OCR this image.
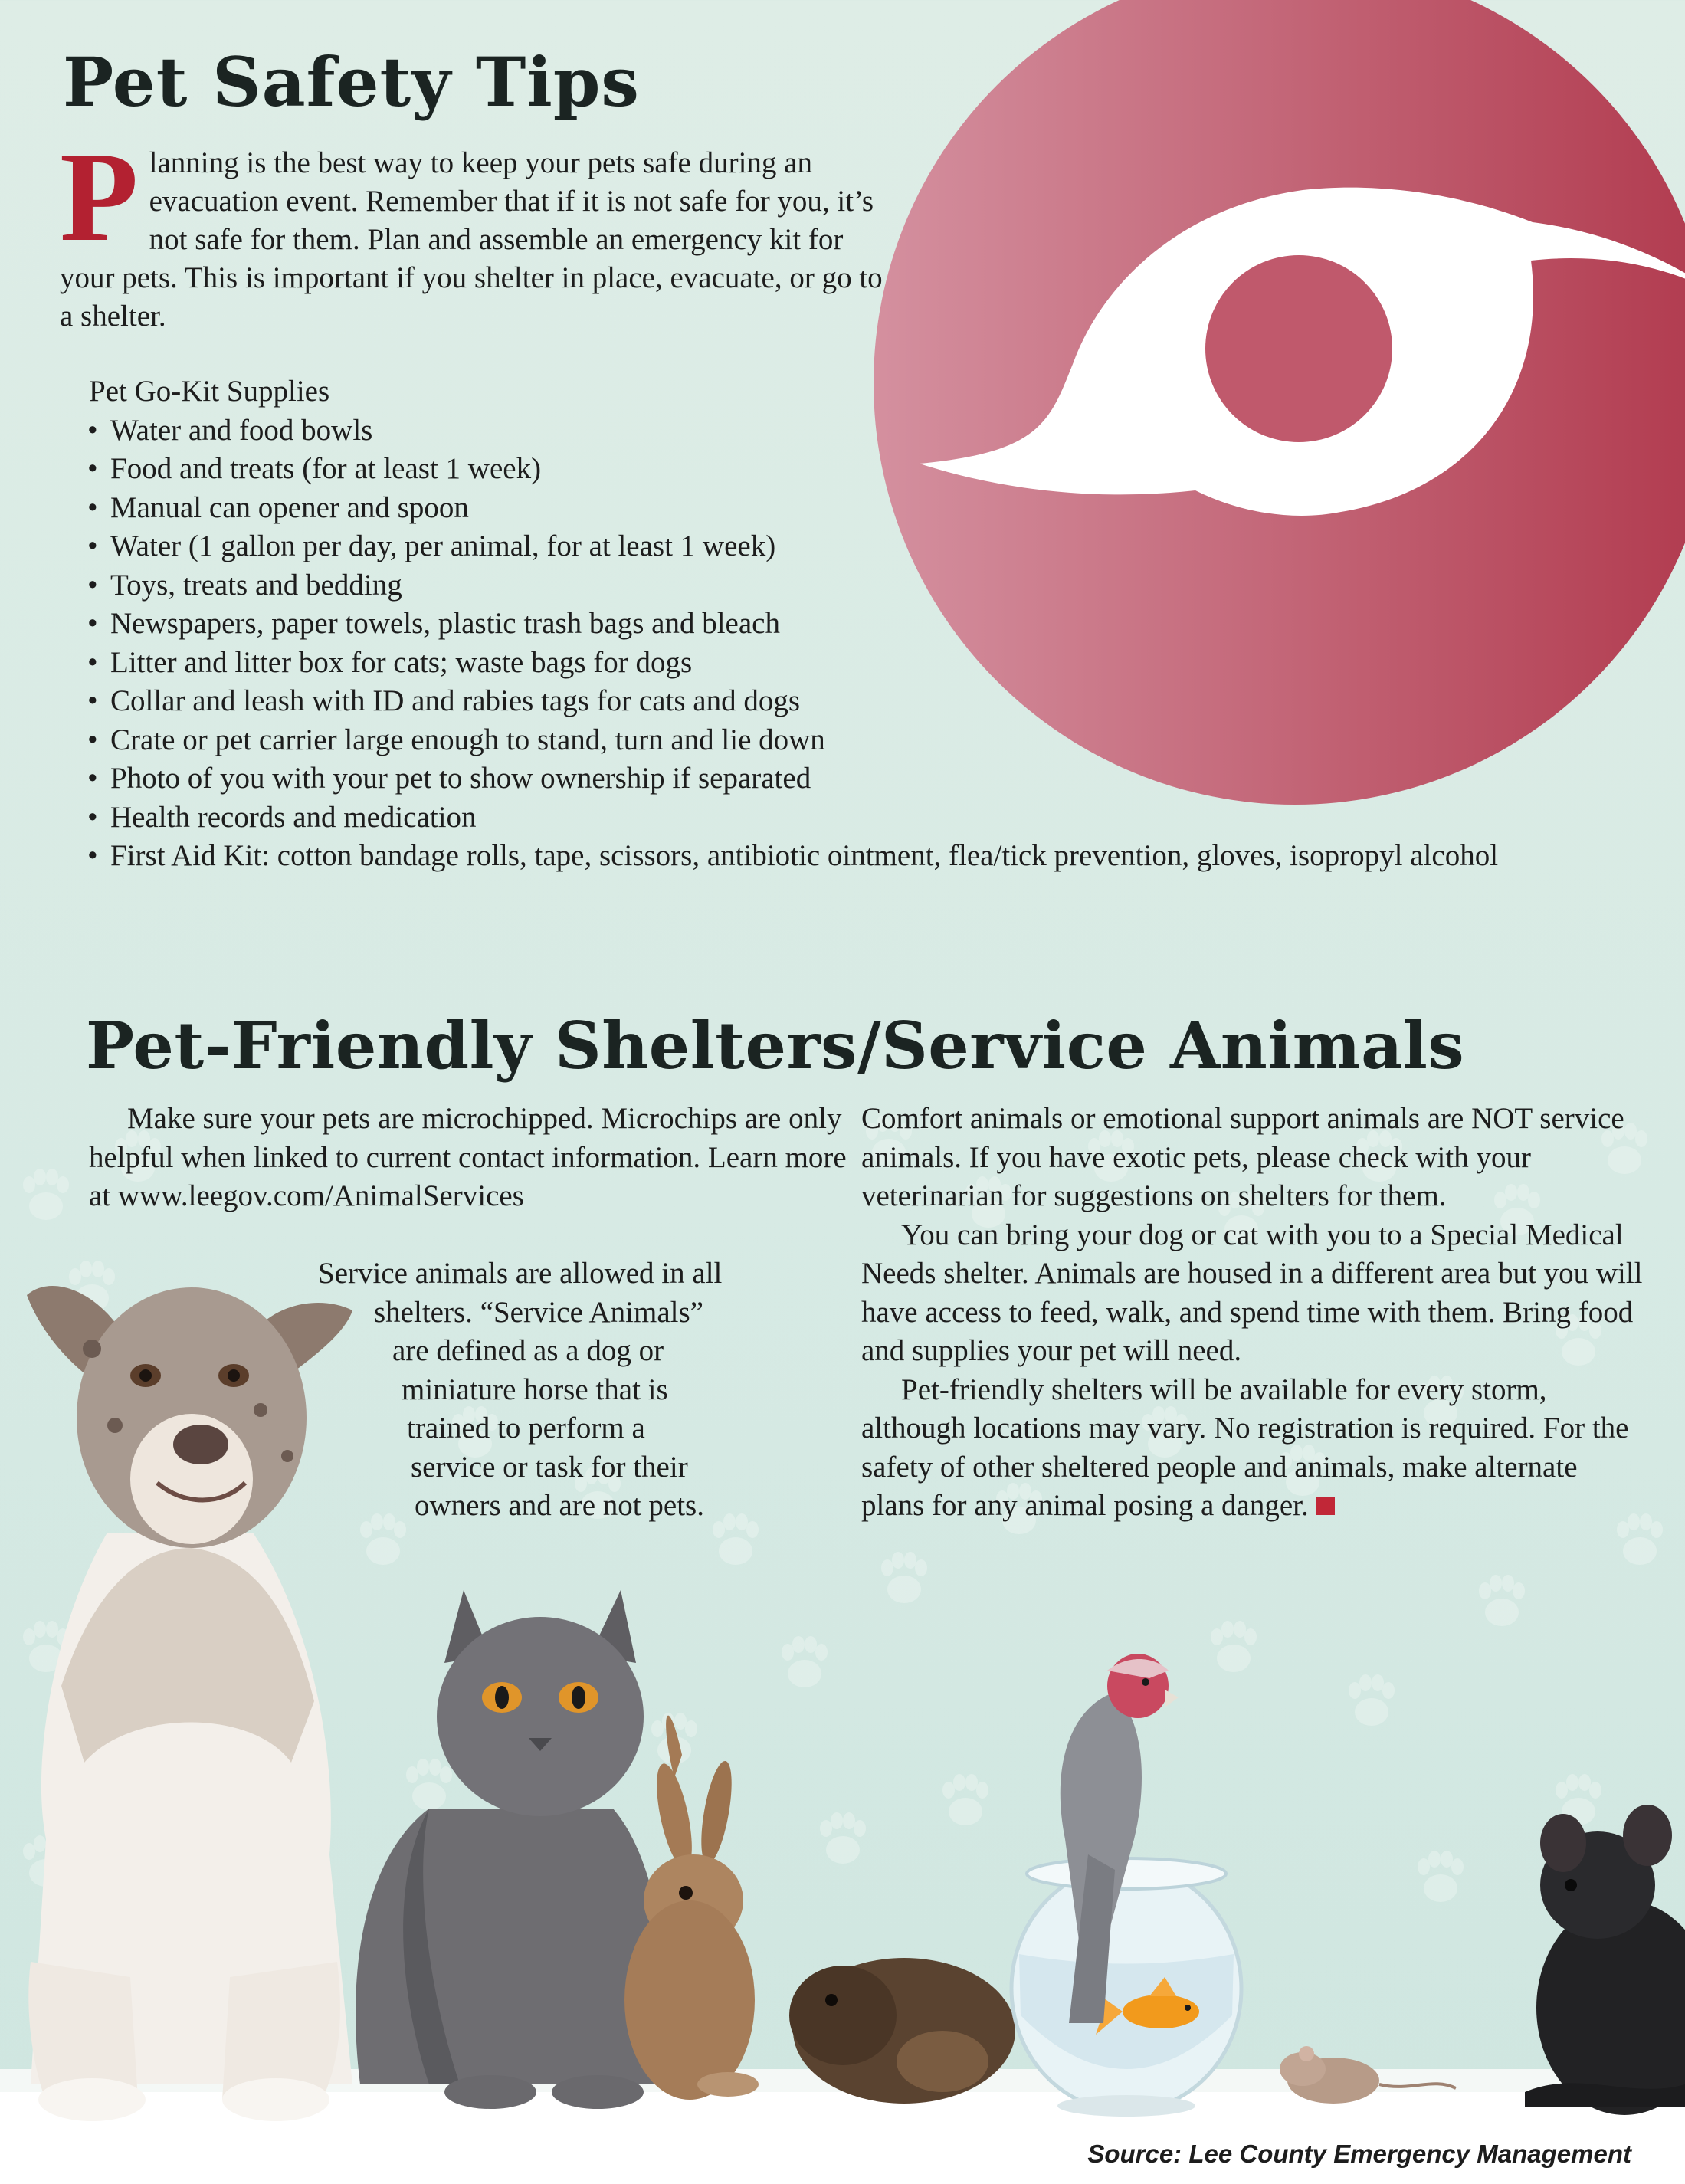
Pet Safety Tips
P lanning is the best way to keep your pets safe during an evacuation event. Remember that if it is not safe for you, it’s not safe for them. Plan and assemble an emergency kit for your pets. This is important if you shelter in place, evacuate, or go to a shelter.
Pet Go-Kit Supplies
• Water and food bowls
• Food and treats (for at least 1 week)
• Manual can opener and spoon
• Water (1 gallon per day, per animal, for at least 1 week)
• Toys, treats and bedding
• Newspapers, paper towels, plastic trash bags and bleach
• Litter and litter box for cats; waste bags for dogs
• Collar and leash with ID and rabies tags for cats and dogs
• Crate or pet carrier large enough to stand, turn and lie down
• Photo of you with your pet to show ownership if separated
• Health records and medication
• First Aid Kit: cotton bandage rolls, tape, scissors, antibiotic ointment, flea/tick prevention, gloves, isopropyl alcohol
Pet-Friendly Shelters/Service Animals
Make sure your pets are microchipped. Microchips are only helpful when linked to current contact information. Learn more at www.leegov.com/AnimalServices
Service animals are allowed in all
shelters. “Service Animals”
are defined as a dog or
miniature horse that is
trained to perform a
service or task for their
owners and are not pets.

Comfort animals or emotional support animals are NOT service animals. If you have exotic pets, please check with your veterinarian for suggestions on shelters for them.

You can bring your dog or cat with you to a Special Medical Needs shelter. Animals are housed in a different area but you will have access to feed, walk, and spend time with them. Bring food and supplies your pet will need.

Pet-friendly shelters will be available for every storm, although locations may vary. No registration is required. For the safety of other sheltered people and animals, make alternate plans for any animal posing a danger.

Source: Lee County Emergency Management
